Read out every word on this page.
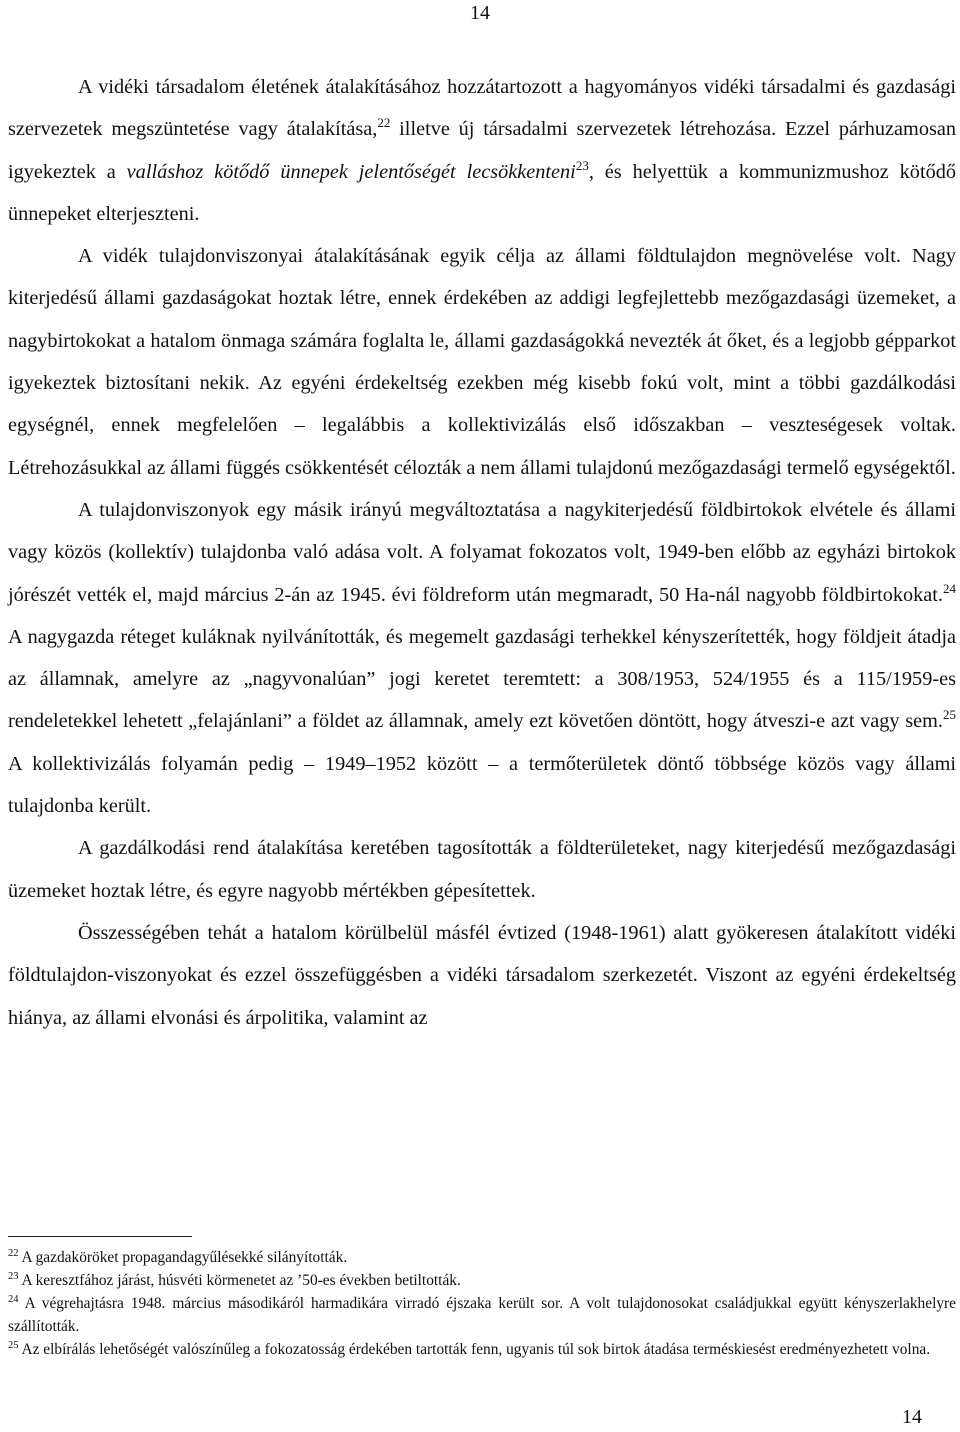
14

A vidéki társadalom életének átalakításához hozzátartozott a hagyományos vidéki társadalmi és gazdasági szervezetek megszüntetése vagy átalakítása,$^{22}$ illetve új társadalmi szervezetek létrehozása. Ezzel párhuzamosan igyekeztek a valláshoz kötődő ünnepek jelentőségét lecsökkenteni$^{23}$, és helyettük a kommunizmushoz kötődő ünnepeket elterjeszteni.

A vidék tulajdonviszonyai átalakításának egyik célja az állami földtulajdon megnövelése volt. Nagy kiterjedésű állami gazdaságokat hoztak létre, ennek érdekében az addigi legfejlettebb mezőgazdasági üzemeket, a nagybirtokokat a hatalom önmaga számára foglalta le, állami gazdaságokká nevezték át őket, és a legjobb gépparkot igyekeztek biztosítani nekik. Az egyéni érdekeltség ezekben még kisebb fokú volt, mint a többi gazdálkodási egységnél, ennek megfelelően – legalábbis a kollektivizálás első időszakban – veszteségesek voltak. Létrehozásukkal az állami függés csökkentését célozták a nem állami tulajdonú mezőgazdasági termelő egységektől.

A tulajdonviszonyok egy másik irányú megváltoztatása a nagykiterjedésű földbirtokok elvétele és állami vagy közös (kollektív) tulajdonba való adása volt. A folyamat fokozatos volt, 1949-ben előbb az egyházi birtokok jórészét vették el, majd március 2-án az 1945. évi földreform után megmaradt, 50 Ha-nál nagyobb földbirtokokat.$^{24}$ A nagygazda réteget kuláknak nyilvánították, és megemelt gazdasági terhekkel kényszerítették, hogy földjeit átadja az államnak, amelyre az „nagyvonalúan” jogi keretet teremtett: a 308/1953, 524/1955 és a 115/1959-es rendeletekkel lehetett „felajánlani” a földet az államnak, amely ezt követően döntött, hogy átveszi-e azt vagy sem.$^{25}$ A kollektivizálás folyamán pedig – 1949–1952 között – a termőterületek döntő többsége közös vagy állami tulajdonba került.

A gazdálkodási rend átalakítása keretében tagosították a földterületeket, nagy kiterjedésű mezőgazdasági üzemeket hoztak létre, és egyre nagyobb mértékben gépesítettek.

Összességében tehát a hatalom körülbelül másfél évtized (1948-1961) alatt gyökeresen átalakított vidéki földtulajdon-viszonyokat és ezzel összefüggésben a vidéki társadalom szerkezetét. Viszont az egyéni érdekeltség hiánya, az állami elvonási és árpolitika, valamint az

$^{22}$ A gazdaköröket propagandagyűlésekké silányították.

$^{23}$ A keresztfához járást, húsvéti körmenetet az ’50-es években betiltották.

$^{24}$ A végrehajtásra 1948. március másodikáról harmadikára virradó éjszaka került sor. A volt tulajdonosokat családjukkal együtt kényszerlakhelyre szállították.

$^{25}$ Az elbírálás lehetőségét valószínűleg a fokozatosság érdekében tartották fenn, ugyanis túl sok birtok átadása terméskiesést eredményezhetett volna.

14
